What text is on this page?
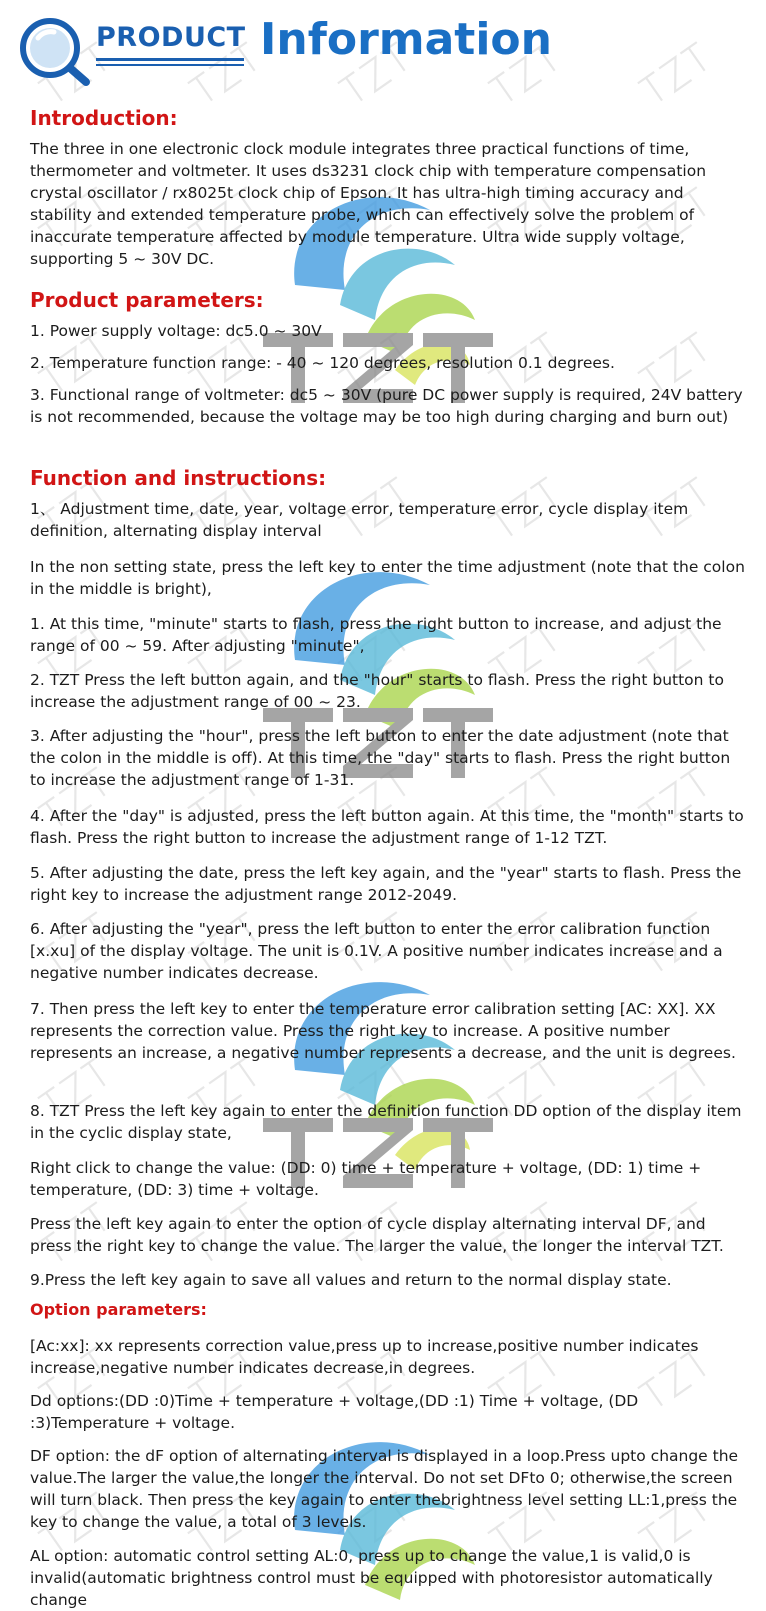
PRODUCT Information
Introduction:

The three in one electronic clock module integrates three practical functions of time, thermometer and voltmeter. It uses ds3231 clock chip with temperature compensation crystal oscillator / rx8025t clock chip of Epson. It has ultra-high timing accuracy and stability and extended temperature probe, which can effectively solve the problem of inaccurate temperature affected by module temperature. Ultra wide supply voltage, supporting 5 ~ 30V DC.

Product parameters:

1. Power supply voltage: dc5.0 ~ 30V

2. Temperature function range: - 40 ~ 120 degrees, resolution 0.1 degrees.

3. Functional range of voltmeter: dc5 ~ 30V (pure DC power supply is required, 24V battery is not recommended, because the voltage may be too high during charging and burn out)

Function and instructions:

1、 Adjustment time, date, year, voltage error, temperature error, cycle display item definition, alternating display interval

In the non setting state, press the left key to enter the time adjustment (note that the colon in the middle is bright),

1. At this time, "minute" starts to flash, press the right button to increase, and adjust the range of 00 ~ 59. After adjusting "minute",

2. TZT Press the left button again, and the "hour" starts to flash. Press the right button to increase the adjustment range of 00 ~ 23.

3. After adjusting the "hour", press the left button to enter the date adjustment (note that the colon in the middle is off). At this time, the "day" starts to flash. Press the right button to increase the adjustment range of 1-31.

4. After the "day" is adjusted, press the left button again. At this time, the "month" starts to flash. Press the right button to increase the adjustment range of 1-12 TZT.

5. After adjusting the date, press the left key again, and the "year" starts to flash. Press the right key to increase the adjustment range 2012-2049.

6. After adjusting the "year", press the left button to enter the error calibration function [x.xu] of the display voltage. The unit is 0.1V. A positive number indicates increase and a negative number indicates decrease.

7. Then press the left key to enter the temperature error calibration setting [AC: XX]. XX represents the correction value. Press the right key to increase. A positive number represents an increase, a negative number represents a decrease, and the unit is degrees.

8. TZT Press the left key again to enter the definition function DD option of the display item in the cyclic display state,

Right click to change the value: (DD: 0) time + temperature + voltage, (DD: 1) time + temperature, (DD: 3) time + voltage.

Press the left key again to enter the option of cycle display alternating interval DF, and press the right key to change the value. The larger the value, the longer the interval TZT.

9.Press the left key again to save all values and return to the normal display state.

Option parameters:

[Ac:xx]: xx represents correction value,press up to increase,positive number indicates increase,negative number indicates decrease,in degrees.

Dd options:(DD :0)Time + temperature + voltage,(DD :1) Time + voltage, (DD :3)Temperature + voltage.

DF option: the dF option of alternating interval is displayed in a loop.Press upto change the value.The larger the value,the longer the interval. Do not set DFto 0; otherwise,the screen will turn black. Then press the key again to enter thebrightness level setting LL:1,press the key to change the value, a total of 3 levels.

AL option: automatic control setting AL:0, press up to change the value,1 is valid,0 is invalid(automatic brightness control must be equipped with photoresistor automatically change
